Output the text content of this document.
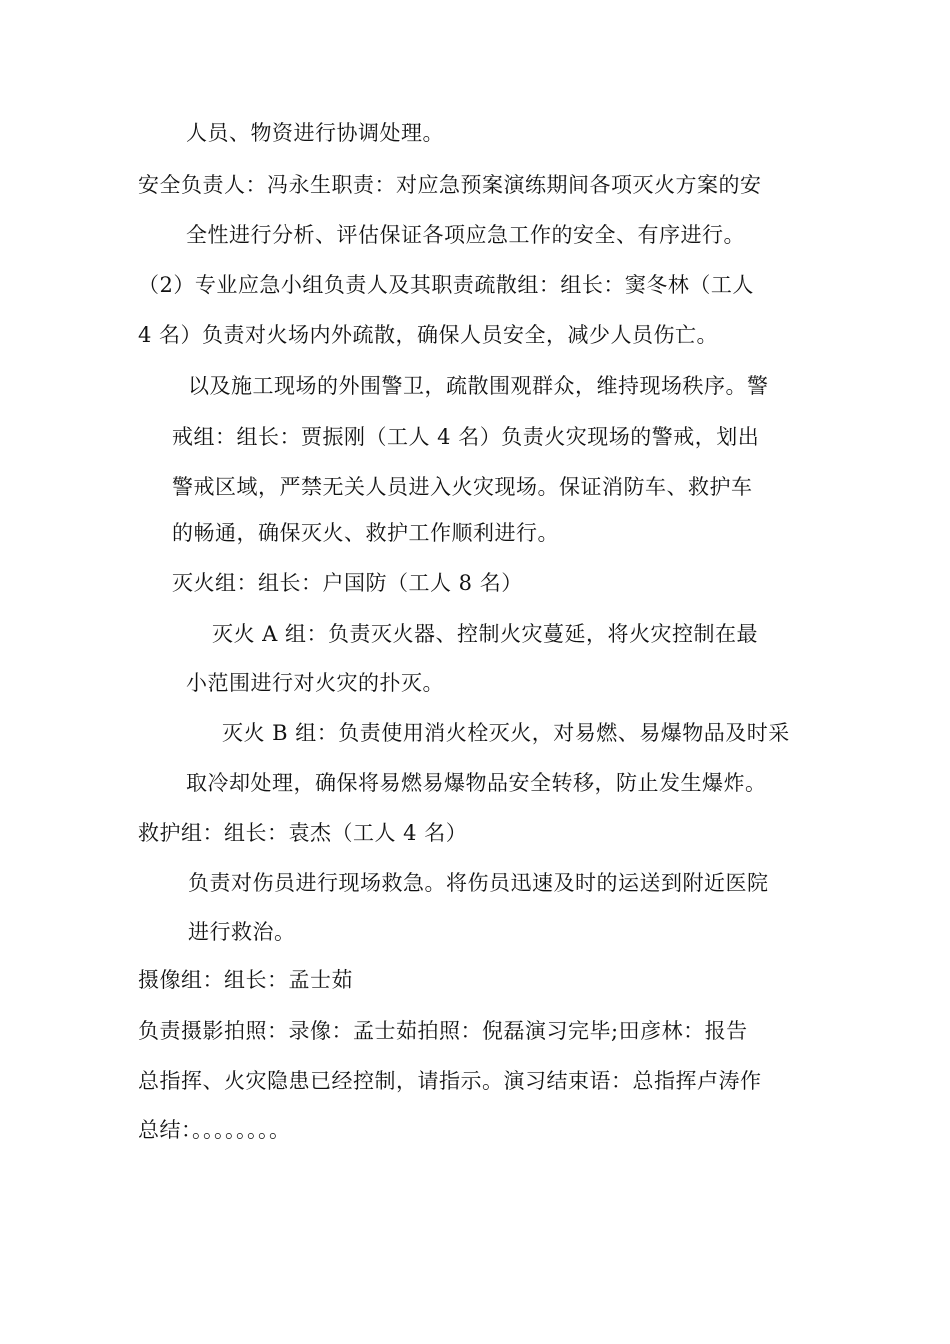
人员、物资进行协调处理。
安全负责人：冯永生职责：对应急预案演练期间各项灭火方案的安
全性进行分析、评估保证各项应急工作的安全、有序进行。
（2）专业应急小组负责人及其职责疏散组：组长：窦冬林（工人
4 名）负责对火场内外疏散，确保人员安全，减少人员伤亡。
以及施工现场的外围警卫，疏散围观群众，维持现场秩序。警
戒组：组长：贾振刚（工人 4 名）负责火灾现场的警戒，划出
警戒区域，严禁无关人员进入火灾现场。保证消防车、救护车
的畅通，确保灭火、救护工作顺利进行。
灭火组：组长：户国防（工人 8 名）
灭火 A 组：负责灭火器、控制火灾蔓延，将火灾控制在最
小范围进行对火灾的扑灭。
灭火 B 组：负责使用消火栓灭火，对易燃、易爆物品及时采
取冷却处理，确保将易燃易爆物品安全转移，防止发生爆炸。
救护组：组长：袁杰（工人 4 名）
负责对伤员进行现场救急。将伤员迅速及时的运送到附近医院
进行救治。
摄像组：组长：孟士茹
负责摄影拍照：录像：孟士茹拍照：倪磊演习完毕;田彦林：报告
总指挥、火灾隐患已经控制，请指示。演习结束语：总指挥卢涛作
总结：。。。。。。。。
